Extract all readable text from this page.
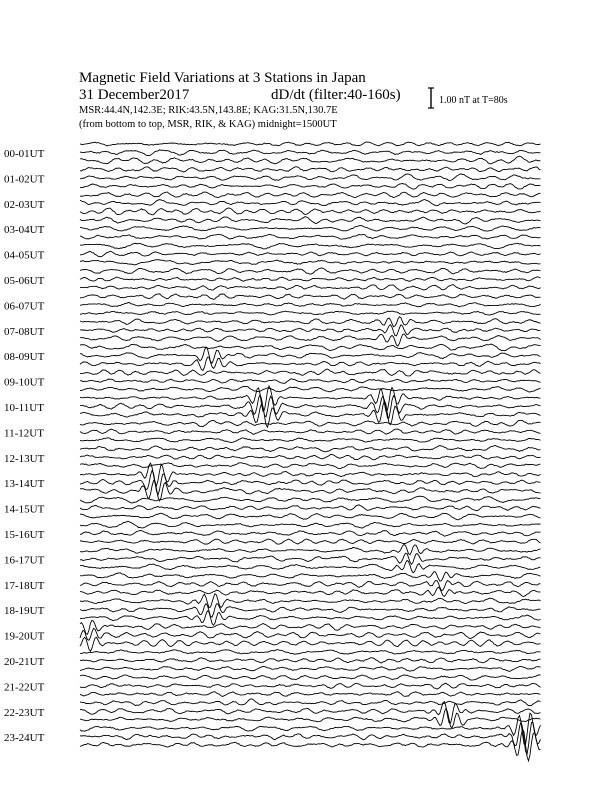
Magnetic Field Variations at 3 Stations in Japan
31 December2017	dD/dt (filter:40-160s)
MSR:44.4N,142.3E; RIK:43.5N,143.8E; KAG:31.5N,130.7E
(from bottom to top, MSR, RIK, & KAG) midnight=1500UT
1.00 nT at T=80s
00-01UT
01-02UT
02-03UT
03-04UT
04-05UT
05-06UT
06-07UT
07-08UT
08-09UT
09-10UT
10-11UT
11-12UT
12-13UT
13-14UT
14-15UT
15-16UT
16-17UT
17-18UT
18-19UT
19-20UT
20-21UT
21-22UT
22-23UT
23-24UT
